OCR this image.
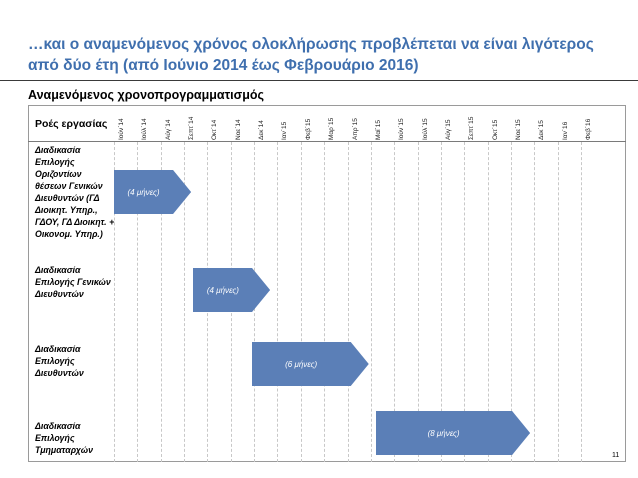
…και ο αναμενόμενος χρόνος ολοκλήρωσης προβλέπεται να είναι λιγότερος από δύο έτη (από Ιούνιο 2014 έως Φεβρουάριο 2016)
Αναμενόμενος χρονοπρογραμματισμός
Ροές εργασίας Ιούν΄14	Ιούλ΄14	Αύγ΄14	Σεπτ΄14	Οκτ΄14	Νοε΄14	Δεκ΄14	Ιαν΄15	Φεβ΄15	Μαρ΄15	Απρ΄15	Μαϊ΄15	Ιούν΄15	Ιούλ΄15	Αύγ΄15	Σεπτ΄15	Οκτ΄15	Νοε΄15	Δεκ΄15	Ιαν΄16	Φεβ΄16
Διαδικασία Επιλογής Οριζοντίων θέσεων Γενικών Διευθυντών (ΓΔ Διοικητ. Υπηρ., ΓΔΟΥ, ΓΔ Διοικητ. + Οικονομ. Υπηρ.)
Διαδικασία Επιλογής Γενικών Διευθυντών
Διαδικασία Επιλογής Διευθυντών
Διαδικασία Επιλογής Τμηματαρχών
(4 μήνες)
(4 μήνες)
(6 μήνες)
(8 μήνες)
11
